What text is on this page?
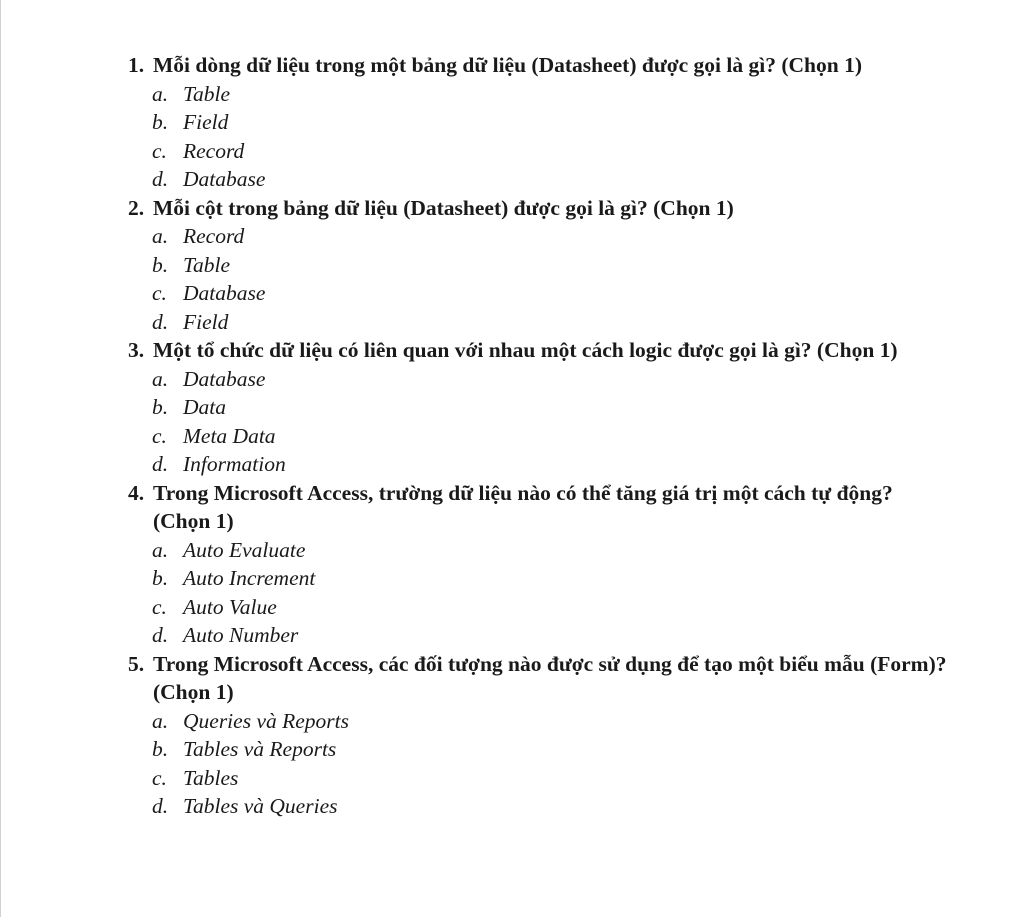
1. Mỗi dòng dữ liệu trong một bảng dữ liệu (Datasheet) được gọi là gì? (Chọn 1)
a. Table
b. Field
c. Record
d. Database
2. Mỗi cột trong bảng dữ liệu (Datasheet) được gọi là gì? (Chọn 1)
a. Record
b. Table
c. Database
d. Field
3. Một tổ chức dữ liệu có liên quan với nhau một cách logic được gọi là gì? (Chọn 1)
a. Database
b. Data
c. Meta Data
d. Information
4. Trong Microsoft Access, trường dữ liệu nào có thể tăng giá trị một cách tự động? (Chọn 1)
a. Auto Evaluate
b. Auto Increment
c. Auto Value
d. Auto Number
5. Trong Microsoft Access, các đối tượng nào được sử dụng để tạo một biểu mẫu (Form)? (Chọn 1)
a. Queries và Reports
b. Tables và Reports
c. Tables
d. Tables và Queries
